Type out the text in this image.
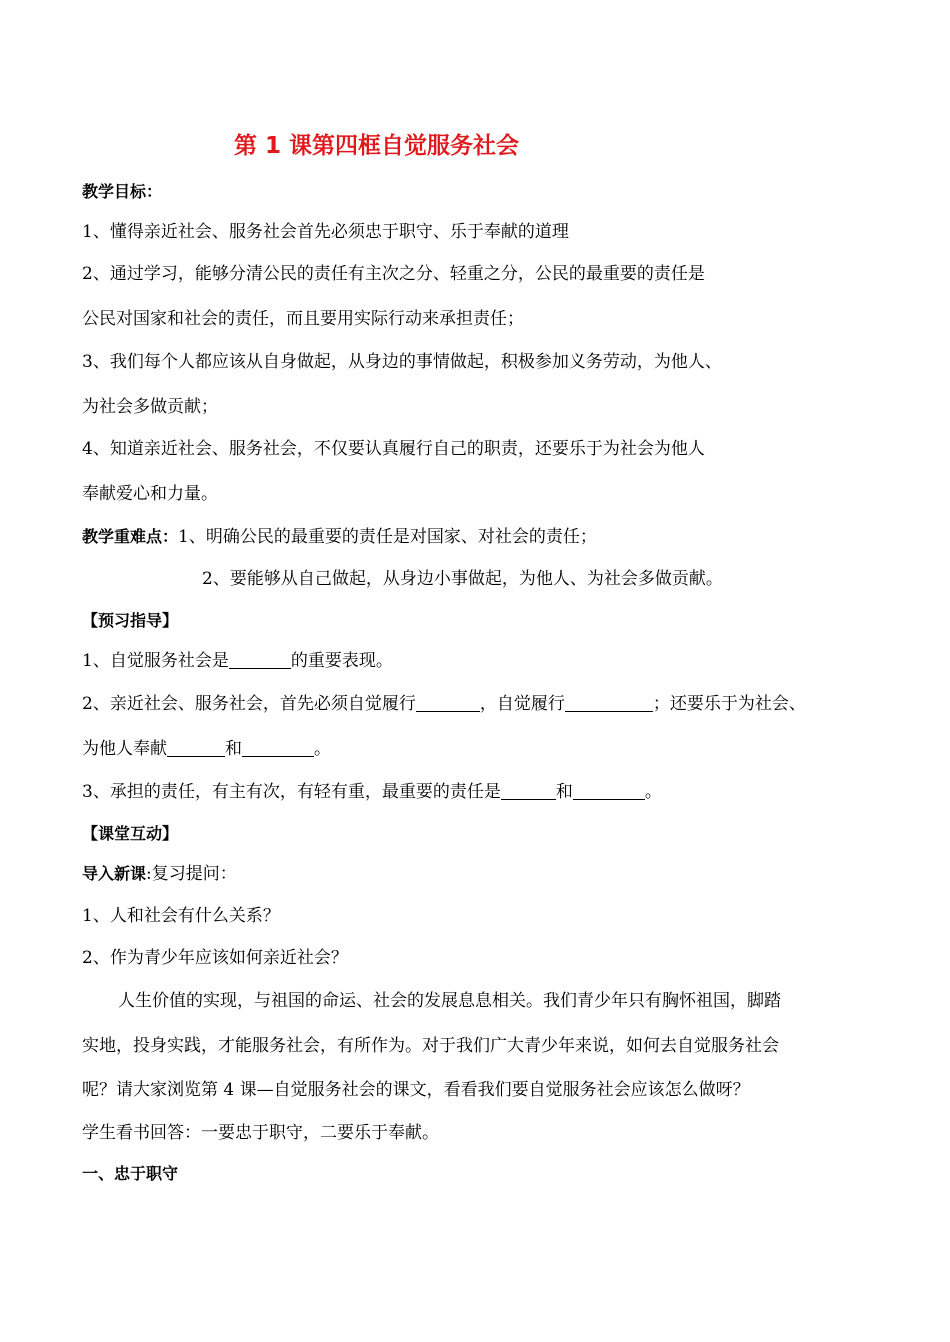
第 1 课第四框自觉服务社会
教学目标：
1、懂得亲近社会、服务社会首先必须忠于职守、乐于奉献的道理
2、通过学习，能够分清公民的责任有主次之分、轻重之分，公民的最重要的责任是
公民对国家和社会的责任，而且要用实际行动来承担责任；
3、我们每个人都应该从自身做起，从身边的事情做起，积极参加义务劳动，为他人、
为社会多做贡献；
4、知道亲近社会、服务社会，不仅要认真履行自己的职责，还要乐于为社会为他人
奉献爱心和力量。
教学重难点：1、明确公民的最重要的责任是对国家、对社会的责任；
2、要能够从自己做起，从身边小事做起，为他人、为社会多做贡献。
【预习指导】
1、自觉服务社会是	的重要表现。
2、亲近社会、服务社会，首先必须自觉履行	，自觉履行	；还要乐于为社会、
为他人奉献	和	。
3、承担的责任，有主有次，有轻有重，最重要的责任是	和	。
【课堂互动】
导入新课:复习提问：
1、人和社会有什么关系？
2、作为青少年应该如何亲近社会？
人生价值的实现，与祖国的命运、社会的发展息息相关。我们青少年只有胸怀祖国，脚踏
实地，投身实践，才能服务社会，有所作为。对于我们广大青少年来说，如何去自觉服务社会
呢？请大家浏览第 4 课—自觉服务社会的课文，看看我们要自觉服务社会应该怎么做呀？
学生看书回答：一要忠于职守，二要乐于奉献。
一、忠于职守
